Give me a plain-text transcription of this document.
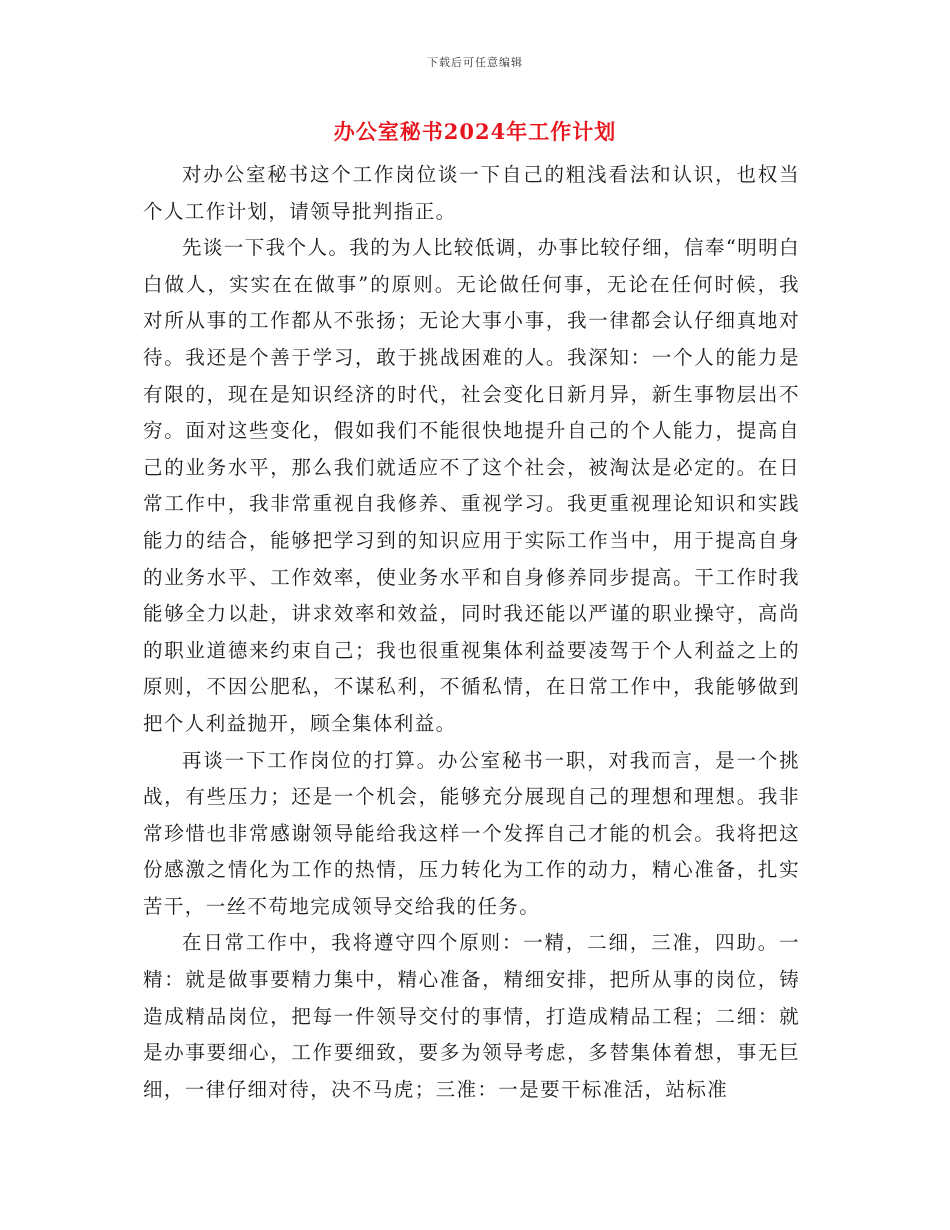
下载后可任意编辑
办公室秘书2024年工作计划

对办公室秘书这个工作岗位谈一下自己的粗浅看法和认识，也权当个人工作计划，请领导批判指正。

先谈一下我个人。我的为人比较低调，办事比较仔细，信奉“明明白白做人，实实在在做事”的原则。无论做任何事，无论在任何时候，我对所从事的工作都从不张扬；无论大事小事，我一律都会认仔细真地对待。我还是个善于学习，敢于挑战困难的人。我深知：一个人的能力是有限的，现在是知识经济的时代，社会变化日新月异，新生事物层出不穷。面对这些变化，假如我们不能很快地提升自己的个人能力，提高自己的业务水平，那么我们就适应不了这个社会，被淘汰是必定的。在日常工作中，我非常重视自我修养、重视学习。我更重视理论知识和实践能力的结合，能够把学习到的知识应用于实际工作当中，用于提高自身的业务水平、工作效率，使业务水平和自身修养同步提高。干工作时我能够全力以赴，讲求效率和效益，同时我还能以严谨的职业操守，高尚的职业道德来约束自己；我也很重视集体利益要凌驾于个人利益之上的原则，不因公肥私，不谋私利，不循私情，在日常工作中，我能够做到把个人利益抛开，顾全集体利益。

再谈一下工作岗位的打算。办公室秘书一职，对我而言，是一个挑战，有些压力；还是一个机会，能够充分展现自己的理想和理想。我非常珍惜也非常感谢领导能给我这样一个发挥自己才能的机会。我将把这份感激之情化为工作的热情，压力转化为工作的动力，精心准备，扎实苦干，一丝不苟地完成领导交给我的任务。

在日常工作中，我将遵守四个原则：一精，二细，三准，四助。一精：就是做事要精力集中，精心准备，精细安排，把所从事的岗位，铸造成精品岗位，把每一件领导交付的事情，打造成精品工程；二细：就是办事要细心，工作要细致，要多为领导考虑，多替集体着想，事无巨细，一律仔细对待，决不马虎；三准：一是要干标准活，站标准
